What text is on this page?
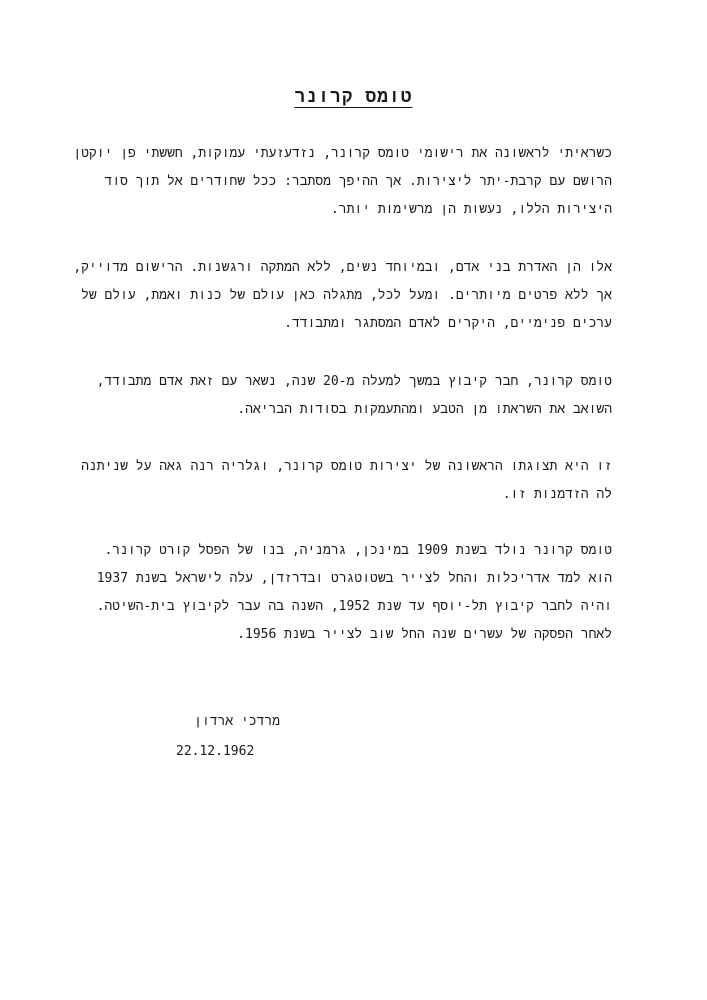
טומס קרונר
כשראיתי לראשונה את רישומי טומס קרונר, נזדעזעתי עמוקות, חששתי פן יוקטן
הרושם עם קרבת-יתר ליצירות. אך ההיפך מסתבר: ככל שחודרים אל תוך סוד
היצירות הללו, נעשות הן מרשימות יותר.
אלו הן האדרת בני אדם, ובמיוחד נשים, ללא המתקה ורגשנות. הרישום מדוייק,
אך ללא פרטים מיותרים. ומעל לכל, מתגלה כאן עולם של כנות ואמת, עולם של
ערכים פנימיים, היקרים לאדם המסתגר ומתבודד.
טומס קרונר, חבר קיבוץ במשך למעלה מ-20 שנה, נשאר עם זאת אדם מתבודד,
השואב את השראתו מן הטבע ומהתעמקות בסודות הבריאה.
זו היא תצוגתו הראשונה של יצירות טומס קרונר, וגלריה רנה גאה על שניתנה
לה הזדמנות זו.
טומס קרונר נולד בשנת 1909 במינכן, גרמניה, בנו של הפסל קורט קרונר.
הוא למד אדריכלות והחל לצייר בשטוטגרט ובדרזדן, עלה לישראל בשנת 1937
והיה לחבר קיבוץ תל-יוסף עד שנת 1952, השנה בה עבר לקיבוץ בית-השיטה.
לאחר הפסקה של עשרים שנה החל שוב לצייר בשנת 1956.
מרדכי ארדון
22.12.1962
